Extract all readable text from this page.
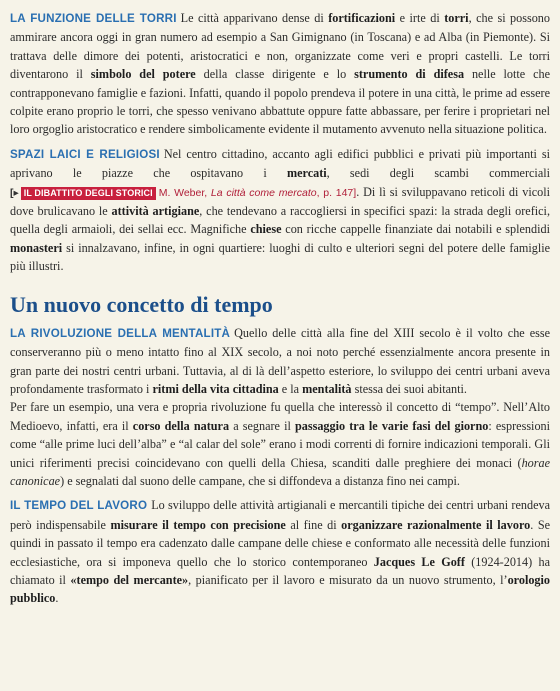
LA FUNZIONE DELLE TORRI Le città apparivano dense di fortificazioni e irte di torri, che si possono ammirare ancora oggi in gran numero ad esempio a San Gimignano (in Toscana) e ad Alba (in Piemonte). Si trattava delle dimore dei potenti, aristocratici e non, organizzate come veri e propri castelli. Le torri diventarono il simbolo del potere della classe dirigente e lo strumento di difesa nelle lotte che contrapponevano famiglie e fazioni. Infatti, quando il popolo prendeva il potere in una città, le prime ad essere colpite erano proprio le torri, che spesso venivano abbattute oppure fatte abbassare, per ferire i proprietari nel loro orgoglio aristocratico e rendere simbolicamente evidente il mutamento avvenuto nella situazione politica.

SPAZI LAICI E RELIGIOSI Nel centro cittadino, accanto agli edifici pubblici e privati più importanti si aprivano le piazze che ospitavano i mercati, sedi degli scambi commerciali [▸ IL DIBATTITO DEGLI STORICI M. Weber, La città come mercato, p. 147]. Di lì si sviluppavano reticoli di vicoli dove brulicavano le attività artigiane, che tendevano a raccogliersi in specifici spazi: la strada degli orefici, quella degli armaioli, dei sellai ecc. Magnifiche chiese con ricche cappelle finanziate dai notabili e splendidi monasteri si innalzavano, infine, in ogni quartiere: luoghi di culto e ulteriori segni del potere delle famiglie più illustri.

Un nuovo concetto di tempo

LA RIVOLUZIONE DELLA MENTALITÀ Quello delle città alla fine del XIII secolo è il volto che esse conserveranno più o meno intatto fino al XIX secolo, a noi noto perché essenzialmente ancora presente in gran parte dei nostri centri urbani. Tuttavia, al di là dell’aspetto esteriore, lo sviluppo dei centri urbani aveva profondamente trasformato i ritmi della vita cittadina e la mentalità stessa dei suoi abitanti.

Per fare un esempio, una vera e propria rivoluzione fu quella che interessò il concetto di “tempo”. Nell’Alto Medioevo, infatti, era il corso della natura a segnare il passaggio tra le varie fasi del giorno: espressioni come “alle prime luci dell’alba” e “al calar del sole” erano i modi correnti di fornire indicazioni temporali. Gli unici riferimenti precisi coincidevano con quelli della Chiesa, scanditi dalle preghiere dei monaci (horae canonicae) e segnalati dal suono delle campane, che si diffondeva a distanza fino nei campi.

IL TEMPO DEL LAVORO Lo sviluppo delle attività artigianali e mercantili tipiche dei centri urbani rendeva però indispensabile misurare il tempo con precisione al fine di organizzare razionalmente il lavoro. Se quindi in passato il tempo era cadenzato dalle campane delle chiese e conformato alle necessità delle funzioni ecclesiastiche, ora si imponeva quello che lo storico contemporaneo Jacques Le Goff (1924-2014) ha chiamato il «tempo del mercante», pianificato per il lavoro e misurato da un nuovo strumento, l’orologio pubblico.
